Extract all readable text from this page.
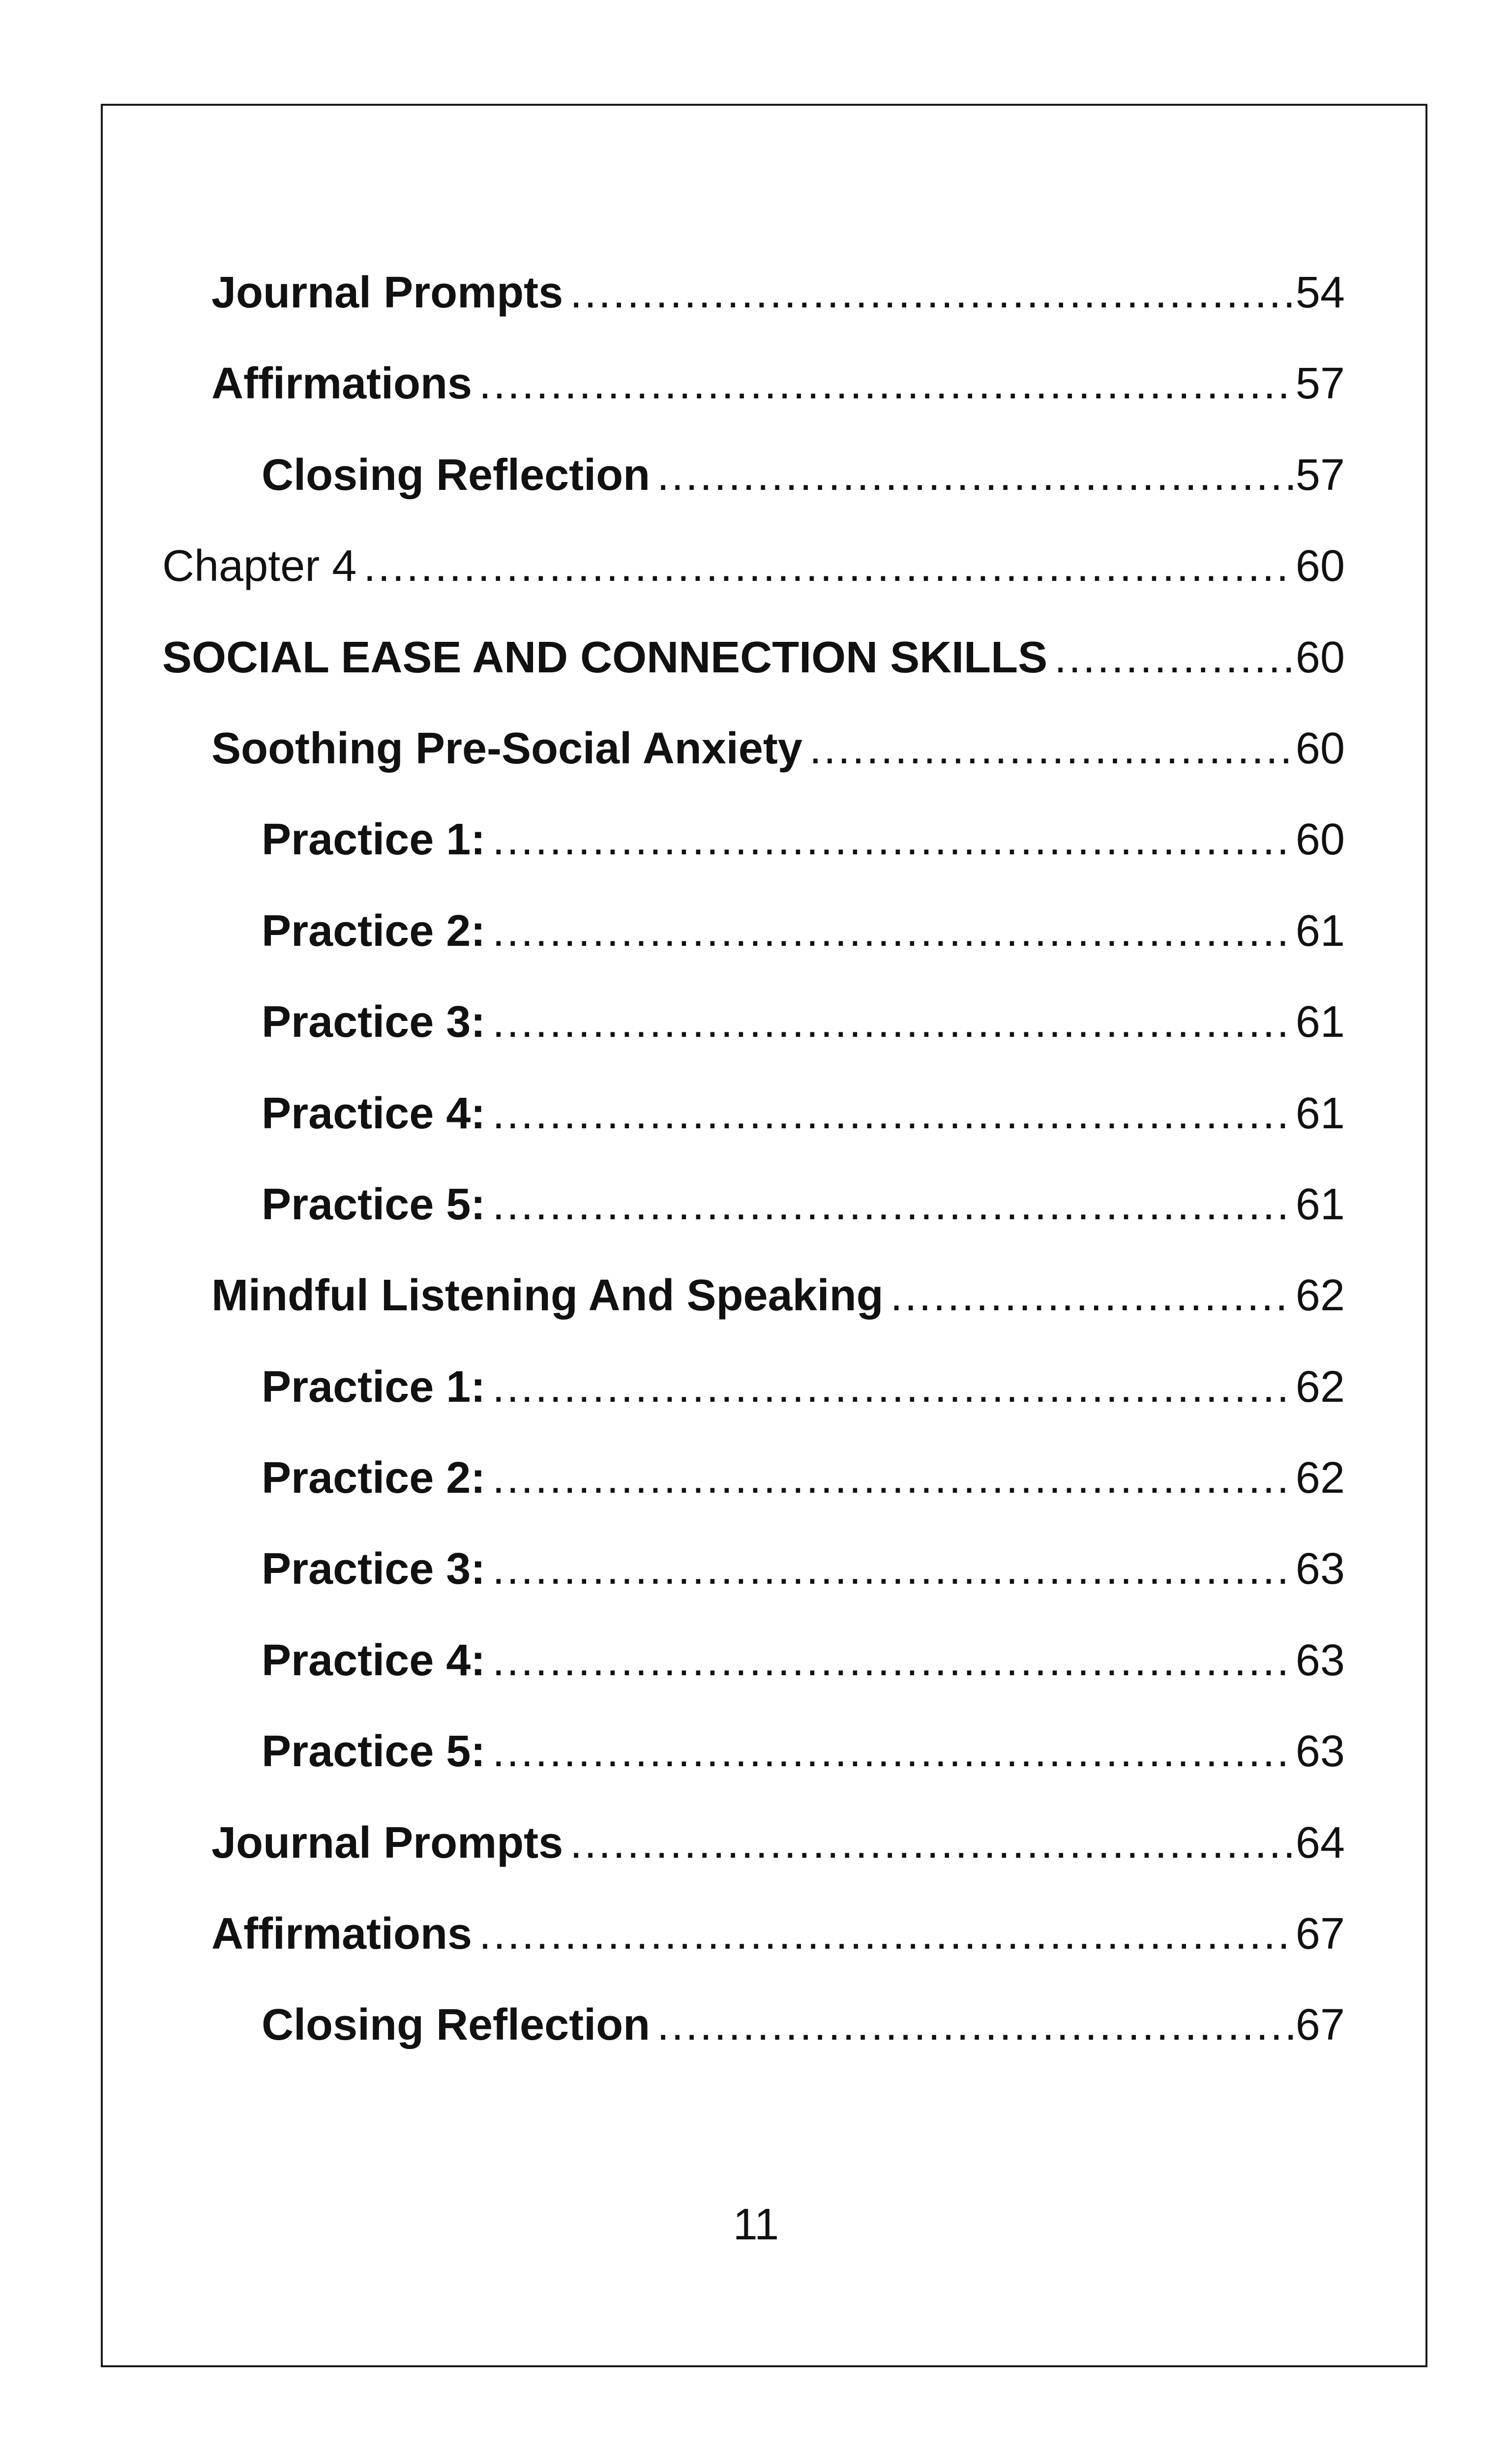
Journal Prompts .....	54
Affirmations .....	57
Closing Reflection .....	57
Chapter 4 .....	60
SOCIAL EASE AND CONNECTION SKILLS .....	60
Soothing Pre-Social Anxiety .....	60
Practice 1: .....	60
Practice 2: .....	61
Practice 3: .....	61
Practice 4: .....	61
Practice 5: .....	61
Mindful Listening And Speaking .....	62
Practice 1: .....	62
Practice 2: .....	62
Practice 3: .....	63
Practice 4: .....	63
Practice 5: .....	63
Journal Prompts .....	64
Affirmations .....	67
Closing Reflection .....	67
11
